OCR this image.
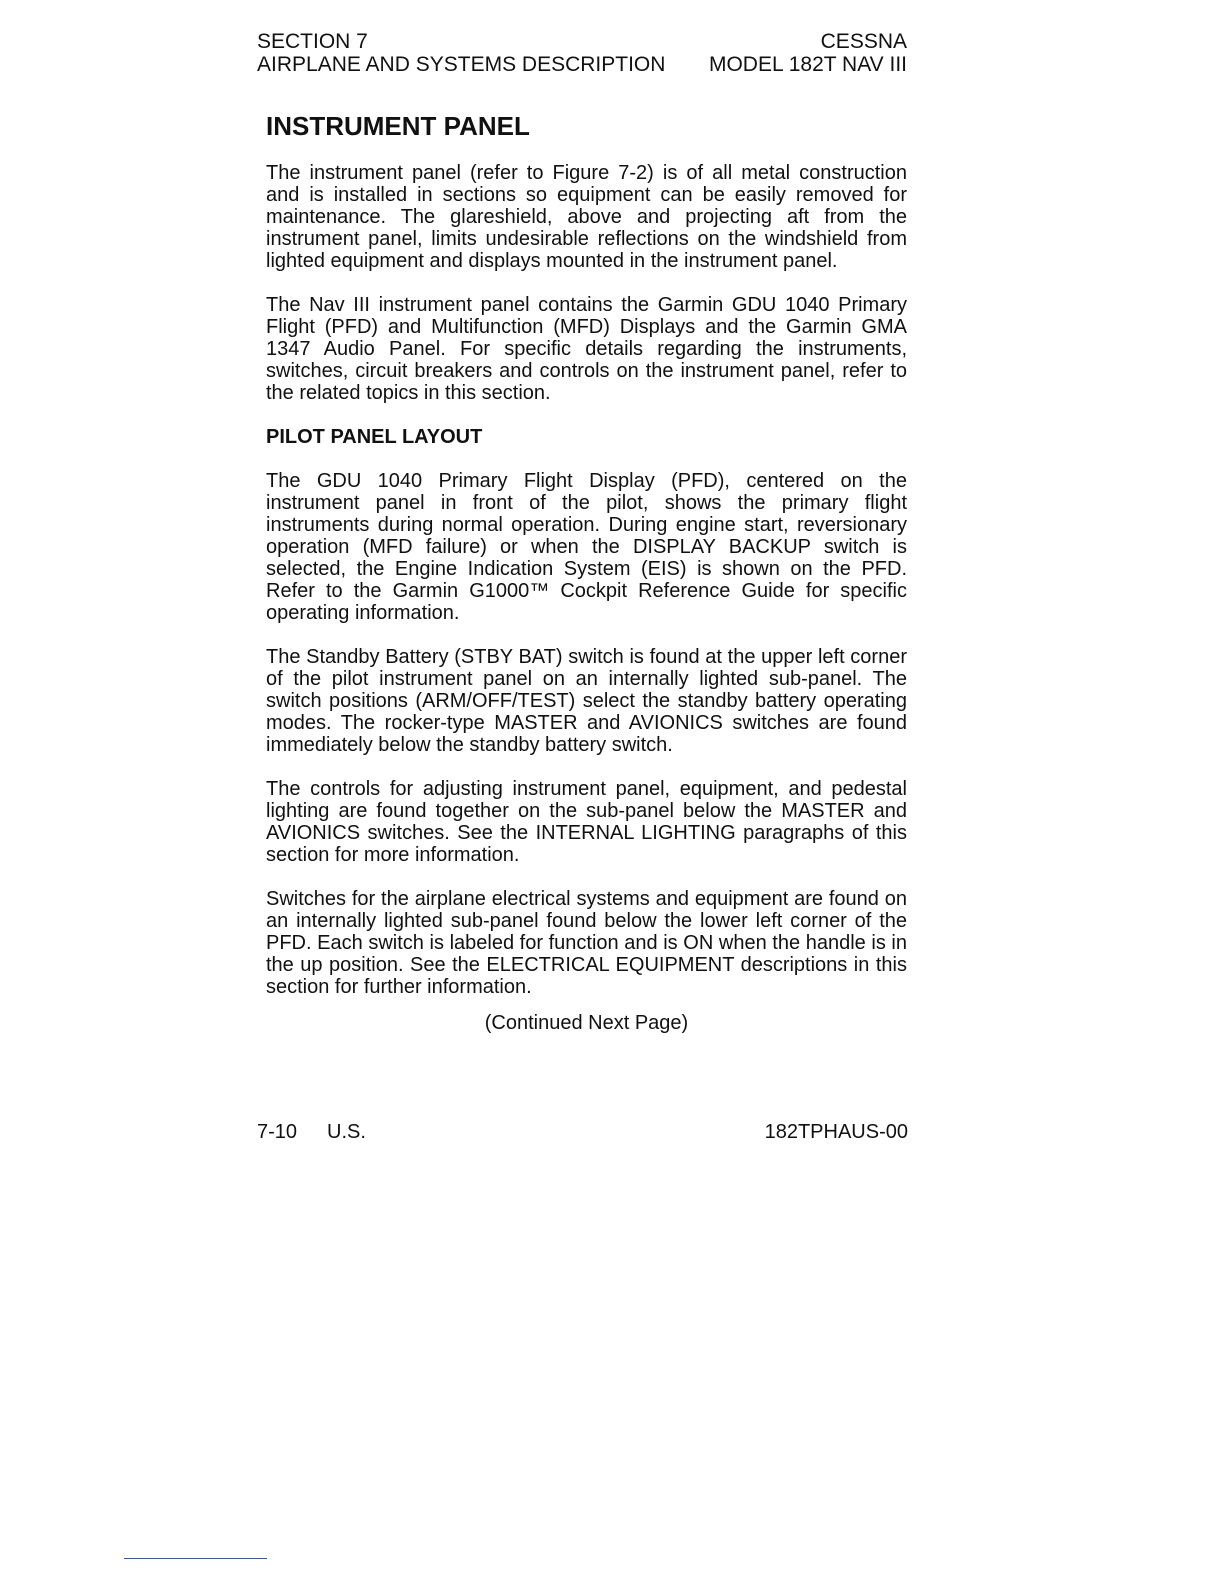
SECTION 7	CESSNA
AIRPLANE AND SYSTEMS DESCRIPTION MODEL 182T NAV III
INSTRUMENT PANEL

The instrument panel (refer to Figure 7-2) is of all metal construction and is installed in sections so equipment can be easily removed for maintenance. The glareshield, above and projecting aft from the instrument panel, limits undesirable reflections on the windshield from lighted equipment and displays mounted in the instrument panel.

The Nav III instrument panel contains the Garmin GDU 1040 Primary Flight (PFD) and Multifunction (MFD) Displays and the Garmin GMA 1347 Audio Panel. For specific details regarding the instruments, switches, circuit breakers and controls on the instrument panel, refer to the related topics in this section.

PILOT PANEL LAYOUT

The GDU 1040 Primary Flight Display (PFD), centered on the instrument panel in front of the pilot, shows the primary flight instruments during normal operation. During engine start, reversionary operation (MFD failure) or when the DISPLAY BACKUP switch is selected, the Engine Indication System (EIS) is shown on the PFD. Refer to the Garmin G1000™ Cockpit Reference Guide for specific operating information.

The Standby Battery (STBY BAT) switch is found at the upper left corner of the pilot instrument panel on an internally lighted sub-panel. The switch positions (ARM/OFF/TEST) select the standby battery operating modes. The rocker-type MASTER and AVIONICS switches are found immediately below the standby battery switch.

The controls for adjusting instrument panel, equipment, and pedestal lighting are found together on the sub-panel below the MASTER and AVIONICS switches. See the INTERNAL LIGHTING paragraphs of this section for more information.

Switches for the airplane electrical systems and equipment are found on an internally lighted sub-panel found below the lower left corner of the PFD. Each switch is labeled for function and is ON when the handle is in the up position. See the ELECTRICAL EQUIPMENT descriptions in this section for further information.

(Continued Next Page)
7-10 U.S.	182TPHAUS-00
